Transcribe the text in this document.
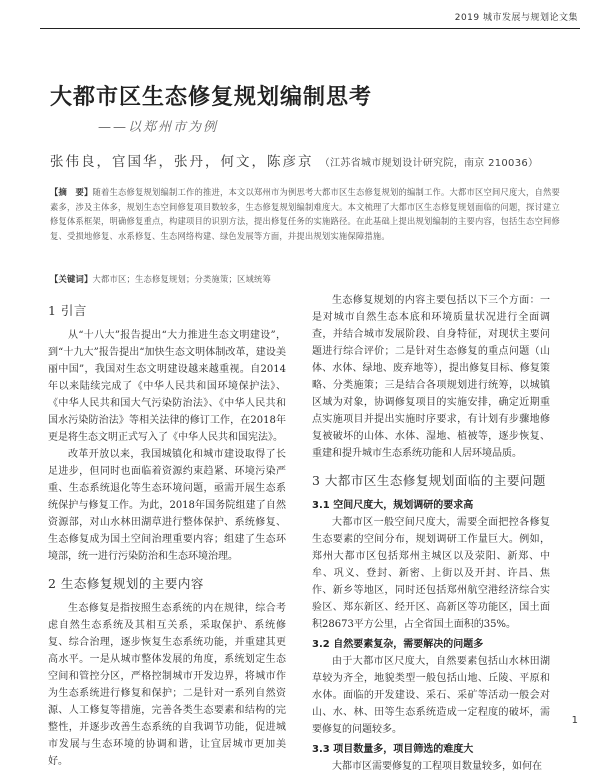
2019 城市发展与规划论文集
大都市区生态修复规划编制思考
——以郑州市为例
张伟良，官国华，张丹，何文，陈彦京 （江苏省城市规划设计研究院，南京 210036）
【摘　要】随着生态修复规划编制工作的推进，本文以郑州市为例思考大都市区生态修复规划的编制工作。大都市区空间尺度大，自然要素多，涉及主体多，规划生态空间修复项目数较多，生态修复规划编制难度大。本文梳理了大都市区生态修复规划面临的问题，探讨建立修复体系框架，明确修复重点，构建项目的识别方法，提出修复任务的实施路径。在此基础上提出规划编制的主要内容，包括生态空间修复、受损地修复、水系修复、生态网络构建、绿色发展等方面，并提出规划实施保障措施。
【关键词】大都市区；生态修复规划；分类施策；区域统筹
1 引言

从“十八大”报告提出“大力推进生态文明建设”，到“十九大”报告提出“加快生态文明体制改革，建设美丽中国”，我国对生态文明建设越来越重视。自2014年以来陆续完成了《中华人民共和国环境保护法》、《中华人民共和国大气污染防治法》、《中华人民共和国水污染防治法》等相关法律的修订工作，在2018年更是将生态文明正式写入了《中华人民共和国宪法》。

改革开放以来，我国城镇化和城市建设取得了长足进步，但同时也面临着资源约束趋紧、环境污染严重、生态系统退化等生态环境问题，亟需开展生态系统保护与修复工作。为此，2018年国务院组建了自然资源部，对山水林田湖草进行整体保护、系统修复、生态修复成为国土空间治理重要内容；组建了生态环境部，统一进行污染防治和生态环境治理。

2 生态修复规划的主要内容

生态修复是指按照生态系统的内在规律，综合考虑自然生态系统及其相互关系，采取保护、系统修复、综合治理，逐步恢复生态系统功能，并重建其更高水平。一是从城市整体发展的角度，系统划定生态空间和管控分区，严格控制城市开发边界，将城市作为生态系统进行修复和保护；二是针对一系列自然资源、人工修复等措施，完善各类生态要素和结构的完整性，并逐步改善生态系统的自我调节功能，促进城市发展与生态环境的协调和谐，让宜居城市更加美好。

生态修复规划的内容主要包括以下三个方面：一是对城市自然生态本底和环境质量状况进行全面调查，并结合城市发展阶段、自身特征，对现状主要问题进行综合评价；二是针对生态修复的重点问题（山体、水体、绿地、废弃地等），提出修复目标、修复策略、分类施策；三是结合各项规划进行统筹，以城镇区域为对象，协调修复项目的实施安排，确定近期重点实施项目并提出实施时序要求，有计划有步骤地修复被破坏的山体、水体、湿地、植被等，逐步恢复、重建和提升城市生态系统功能和人居环境品质。

3 大都市区生态修复规划面临的主要问题
3.1 空间尺度大，规划调研的要求高

大都市区一般空间尺度大，需要全面把控各修复生态要素的空间分布，规划调研工作量巨大。例如，郑州大都市区包括郑州主城区以及荥阳、新郑、中牟、巩义、登封、新密、上街以及开封、许昌、焦作、新乡等地区，同时还包括郑州航空港经济综合实验区、郑东新区、经开区、高新区等功能区，国土面积28673平方公里，占全省国土面积的35%。

3.2 自然要素复杂，需要解决的问题多

由于大都市区尺度大，自然要素包括山水林田湖草较为齐全，地貌类型一般包括山地、丘陵、平原和水体。面临的开发建设、采石、采矿等活动一般会对山、水、林、田等生态系统造成一定程度的破坏，需要修复的问题较多。

3.3 项目数量多，项目筛选的难度大

大都市区需要修复的工程项目数量较多，如何在

1
